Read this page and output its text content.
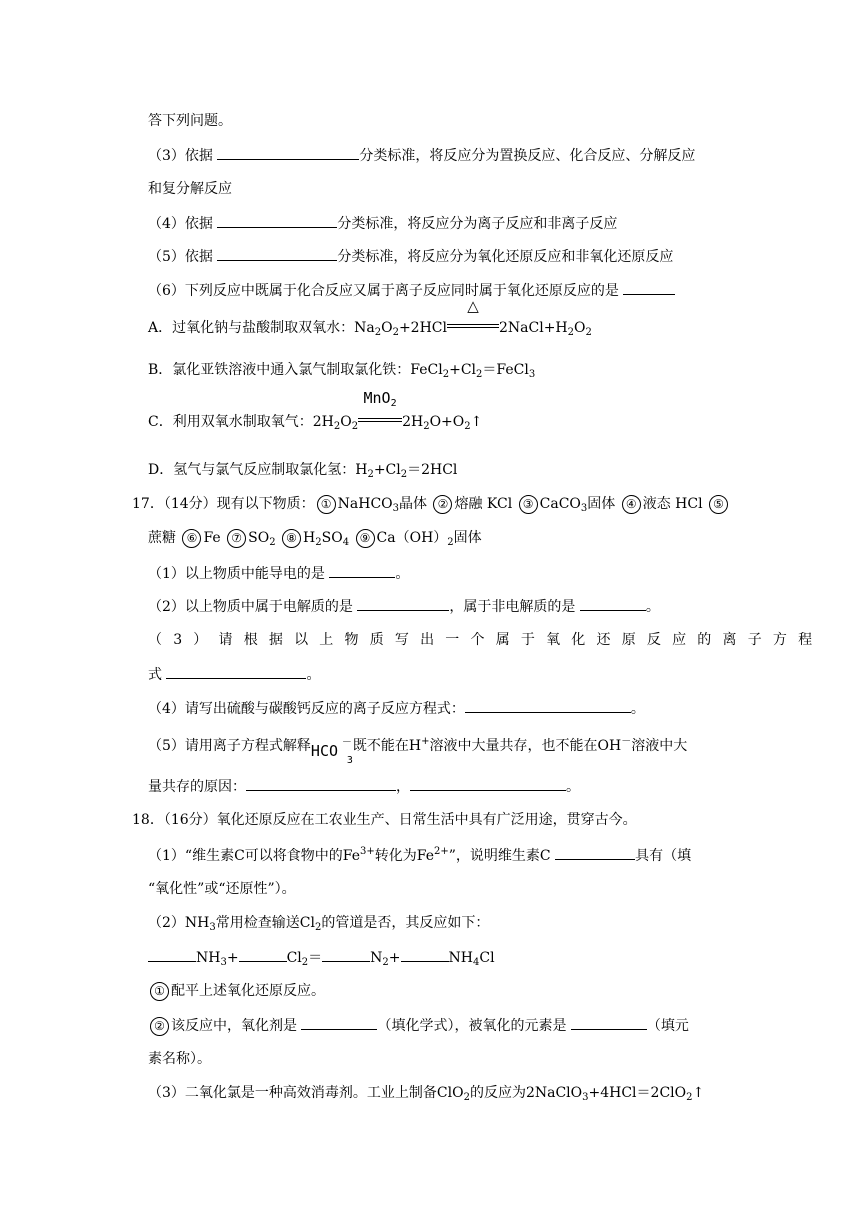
答下列问题。
（3）依据	分类标准，将反应分为置换反应、化合反应、分解反应
和复分解反应
（4）依据	分类标准，将反应分为离子反应和非离子反应
（5）依据	分类标准，将反应分为氧化还原反应和非氧化还原反应
（6）下列反应中既属于化合反应又属于离子反应同时属于氧化还原反应的是
A．过氧化钠与盐酸制取双氧水：$Na_2O_2+2HCl$
△
$2NaCl+H_2O_2$
B．氯化亚铁溶液中通入氯气制取氯化铁：$FeCl_2+Cl_2=FeCl_3$
C．利用双氧水制取氧气：$2H_2O_2$
MnO$_2$
$2H_2O+O_2↑$
D．氢气与氯气反应制取氯化氢：$H_2+Cl_2=2HCl$
17．（14分）现有以下物质： ① NaHCO$_3$晶体 ② 熔融 KCl ③ CaCO$_3$固体 ④ 液态 HCl ⑤
蔗糖 ⑥ Fe ⑦ $SO_2$ ⑧ $H_2SO_4$ ⑨ $Ca(OH)_2$固体
（1）以上物质中能导电的是	。
（2）以上物质中属于电解质的是	，属于非电解质的是	。
（3）请根据以上物质写出一个属于氧化还原反应的离子方程
式	。
（4）请写出硫酸与碳酸钙反应的离子反应方程式：	。
（5）请用离子方程式解释HCO
3
－ 既不能在H+溶液中大量共存，也不能在OH－溶液中大
量共存的原因：	，	。
18．（16分）氧化还原反应在工农业生产、日常生活中具有广泛用途，贯穿古今。
（1）“维生素C可以将食物中的$Fe^{3+}$转化为$Fe^{2+}$”，说明维生素C	具有（填
“氧化性”或“还原性”）。
$(2)NH_3$常用检查输送$Cl_2$的管道是否，其反应如下：
$NH_3+$	$Cl_2=$	$N_2+$	$NH_4Cl$
① 配平上述氧化还原反应。
② 该反应中，氧化剂是	（填化学式），被氧化的元素是	（填元
素名称）。
（3）二氧化氯是一种高效消毒剂。工业上制备ClO$_2$的反应为2NaClO$_3$+4HCl＝2ClO$_2$↑
